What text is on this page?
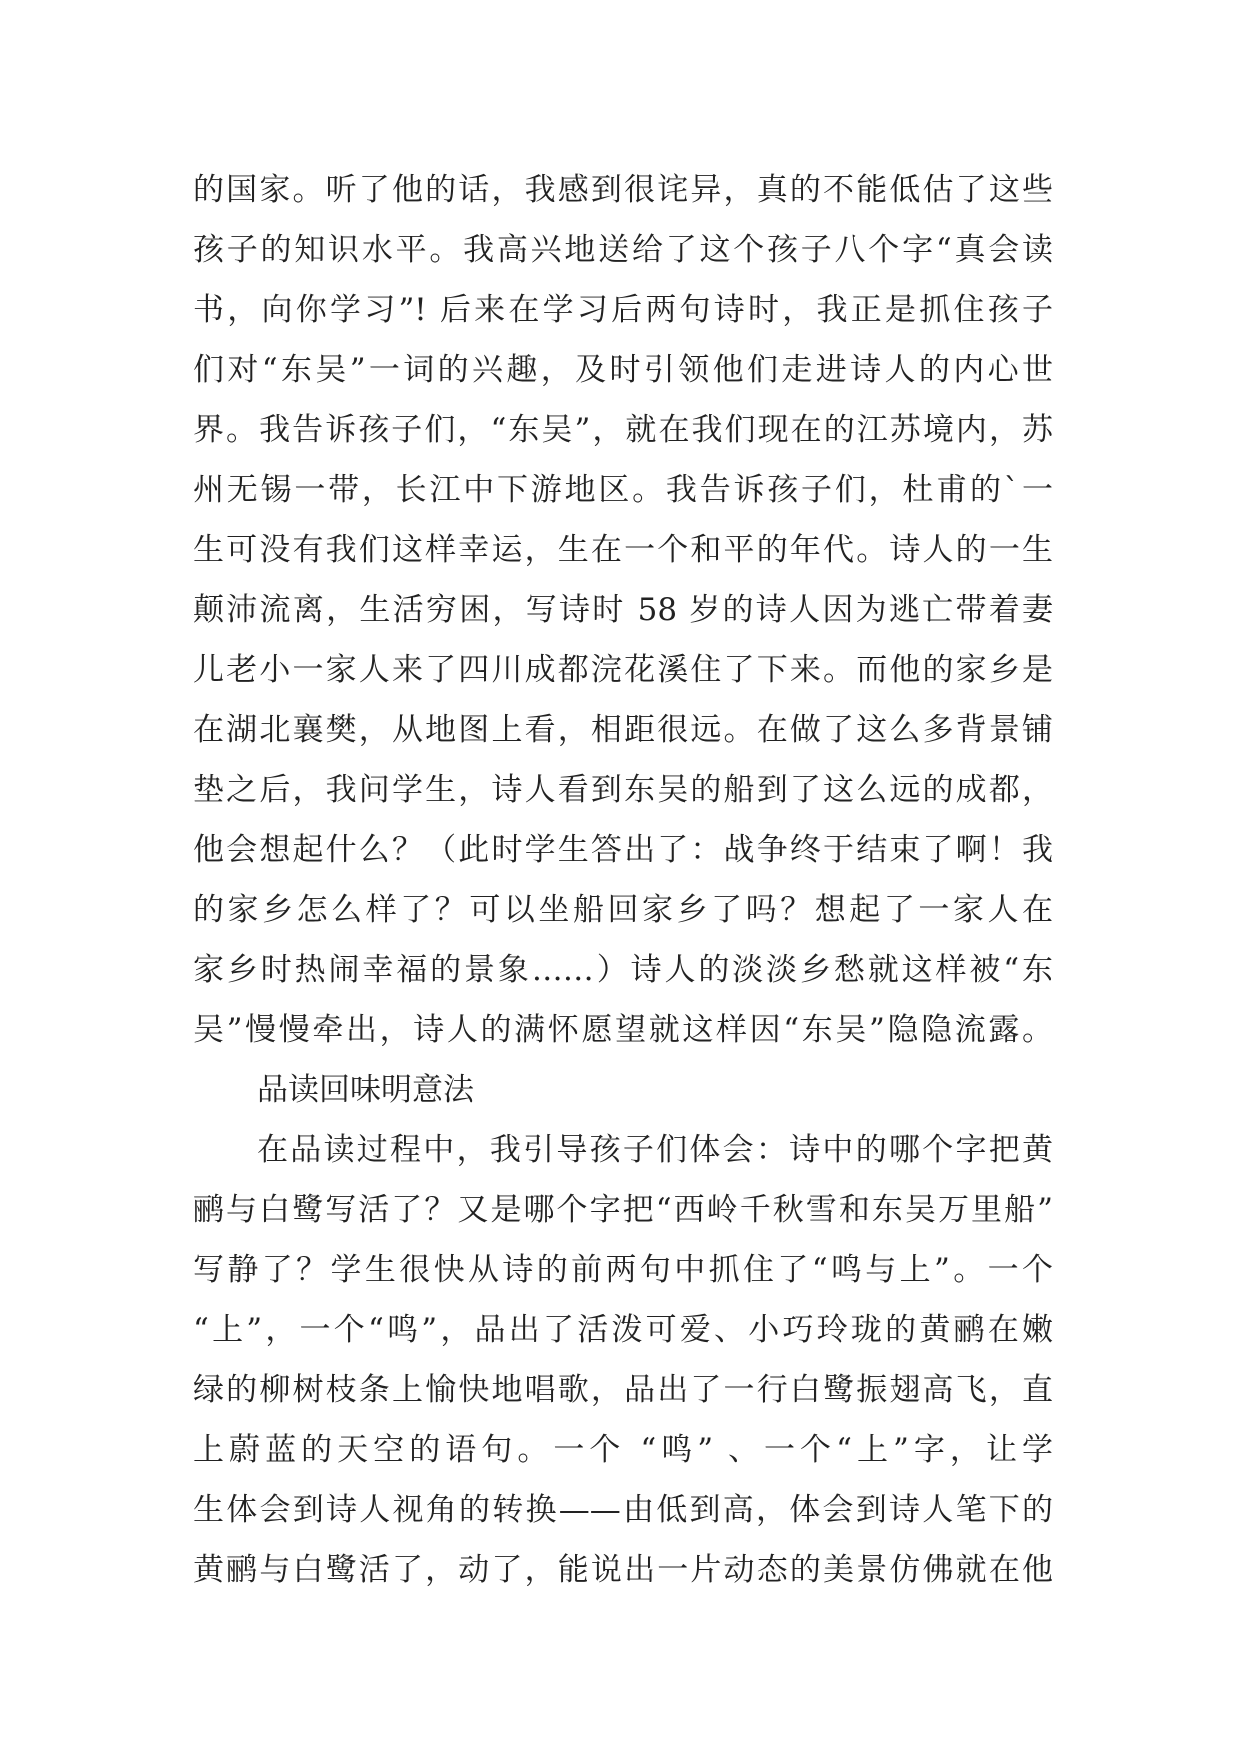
的国家。听了他的话，我感到很诧异，真的不能低估了这些
孩子的知识水平。我高兴地送给了这个孩子八个字“真会读
书，向你学习”! 后来在学习后两句诗时，我正是抓住孩子
们对“东吴”一词的兴趣，及时引领他们走进诗人的内心世
界。我告诉孩子们，“东吴”，就在我们现在的江苏境内，苏
州无锡一带，长江中下游地区。我告诉孩子们，杜甫的`一
生可没有我们这样幸运，生在一个和平的年代。诗人的一生
颠沛流离，生活穷困，写诗时 58 岁的诗人因为逃亡带着妻
儿老小一家人来了四川成都浣花溪住了下来。而他的家乡是
在湖北襄樊，从地图上看，相距很远。在做了这么多背景铺
垫之后，我问学生，诗人看到东吴的船到了这么远的成都，
他会想起什么？（此时学生答出了：战争终于结束了啊！我
的家乡怎么样了？可以坐船回家乡了吗？想起了一家人在
家乡时热闹幸福的景象……）诗人的淡淡乡愁就这样被“东
吴”慢慢牵出，诗人的满怀愿望就这样因“东吴”隐隐流露。
品读回味明意法
在品读过程中，我引导孩子们体会：诗中的哪个字把黄
鹂与白鹭写活了？又是哪个字把“西岭千秋雪和东吴万里船”
写静了？学生很快从诗的前两句中抓住了“鸣与上”。一个
“上”，一个“鸣”，品出了活泼可爱、小巧玲珑的黄鹂在嫩
绿的柳树枝条上愉快地唱歌，品出了一行白鹭振翅高飞，直
上蔚蓝的天空的语句。一个 “鸣” 、一个“上”字，让学
生体会到诗人视角的转换——由低到高，体会到诗人笔下的
黄鹂与白鹭活了，动了，能说出一片动态的美景仿佛就在他
